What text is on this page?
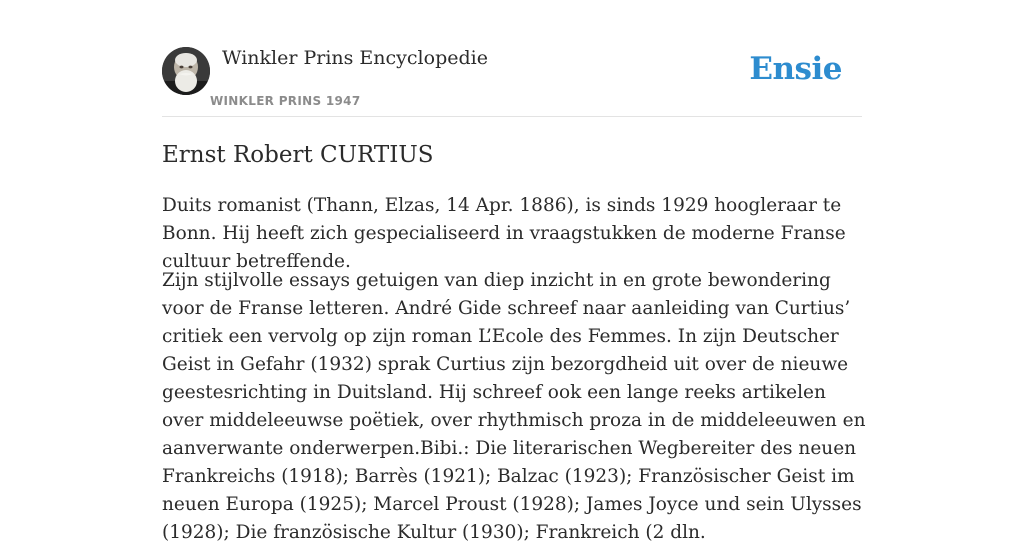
Winkler Prins Encyclopedie
WINKLER PRINS 1947
Ensie
Ernst Robert CURTIUS

Duits romanist (Thann, Elzas, 14 Apr. 1886), is sinds 1929 hoogleraar te Bonn. Hij heeft zich gespecialiseerd in vraagstukken de moderne Franse cultuur betreffende.

Zijn stijlvolle essays getuigen van diep inzicht in en grote bewondering voor de Franse letteren. André Gide schreef naar aanleiding van Curtius’ critiek een vervolg op zijn roman L’Ecole des Femmes. In zijn Deutscher Geist in Gefahr (1932) sprak Curtius zijn bezorgdheid uit over de nieuwe geestesrichting in Duitsland. Hij schreef ook een lange reeks artikelen over middeleeuwse poëtiek, over rhythmisch proza in de middeleeuwen en aanverwante onderwerpen.Bibi.: Die literarischen Wegbereiter des neuen Frankreichs (1918); Barrès (1921); Balzac (1923); Französischer Geist im neuen Europa (1925); Marcel Proust (1928); James Joyce und sein Ulysses (1928); Die französische Kultur (1930); Frankreich (2 dln.
